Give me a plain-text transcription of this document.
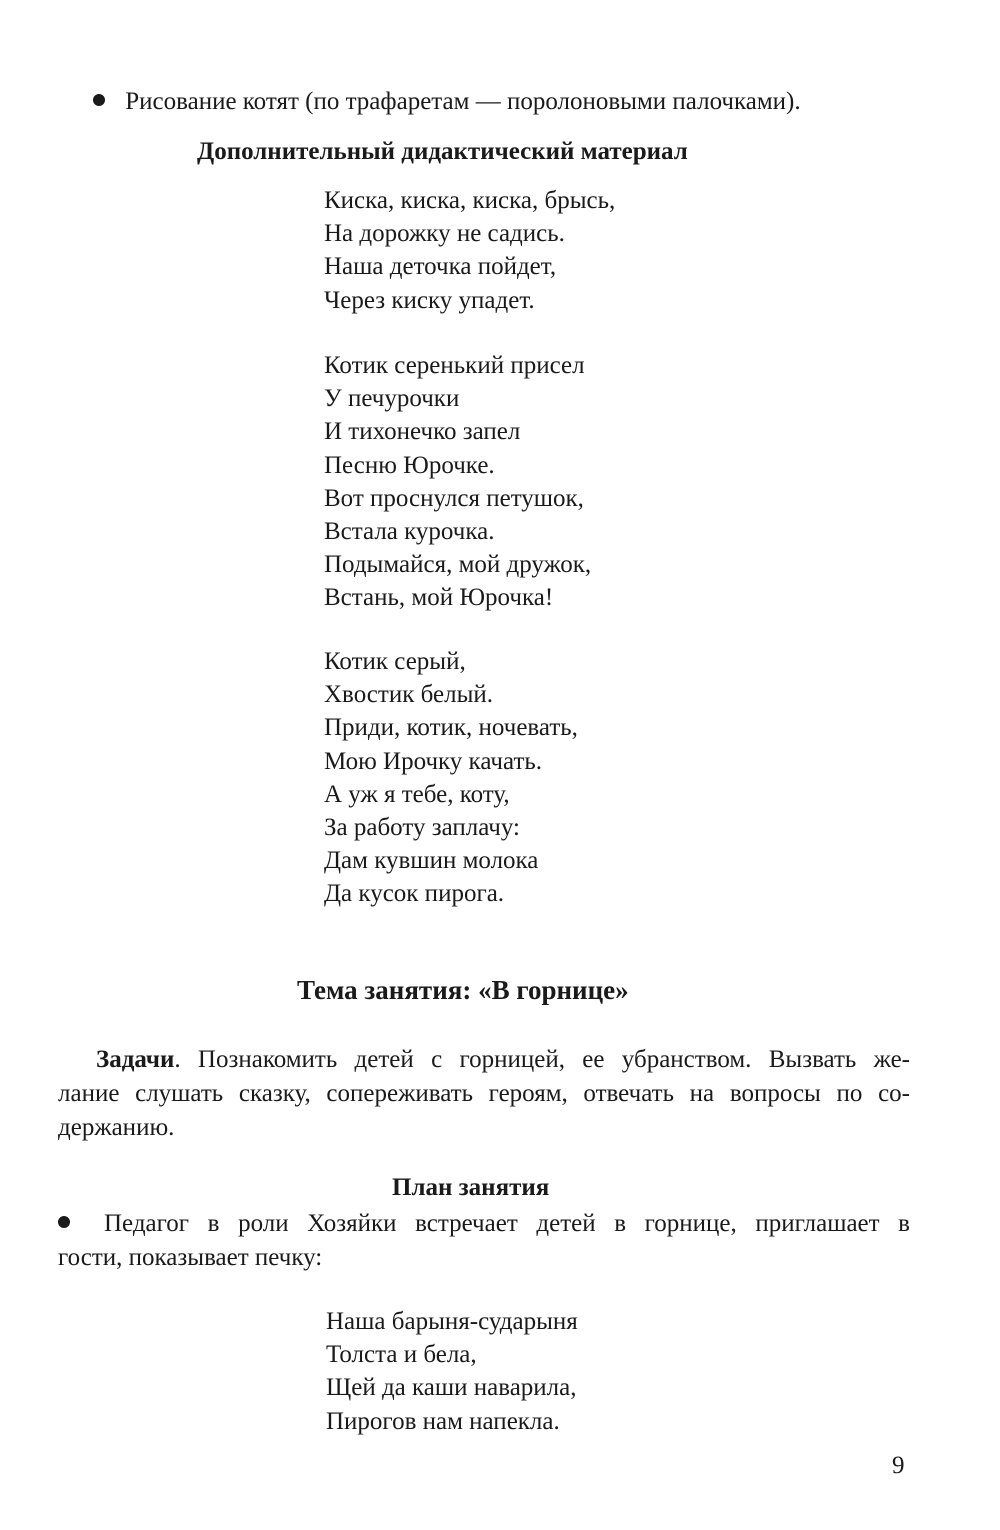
Рисование котят (по трафаретам — поролоновыми палочками).
Дополнительный дидактический материал
Киска, киска, киска, брысь,
На дорожку не садись.
Наша деточка пойдет,
Через киску упадет.
Котик серенький присел
У печурочки
И тихонечко запел
Песню Юрочке.
Вот проснулся петушок,
Встала курочка.
Подымайся, мой дружок,
Встань, мой Юрочка!
Котик серый,
Хвостик белый.
Приди, котик, ночевать,
Мою Ирочку качать.
А уж я тебе, коту,
За работу заплачу:
Дам кувшин молока
Да кусок пирога.
Тема занятия: «В горнице»
Задачи. Познакомить детей с горницей, ее убранством. Вызвать же-
лание слушать сказку, сопереживать героям, отвечать на вопросы по со-
держанию.
План занятия
Педагог в роли Хозяйки встречает детей в горнице, приглашает в
гости, показывает печку:
Наша барыня-сударыня
Толста и бела,
Щей да каши наварила,
Пирогов нам напекла.
9
